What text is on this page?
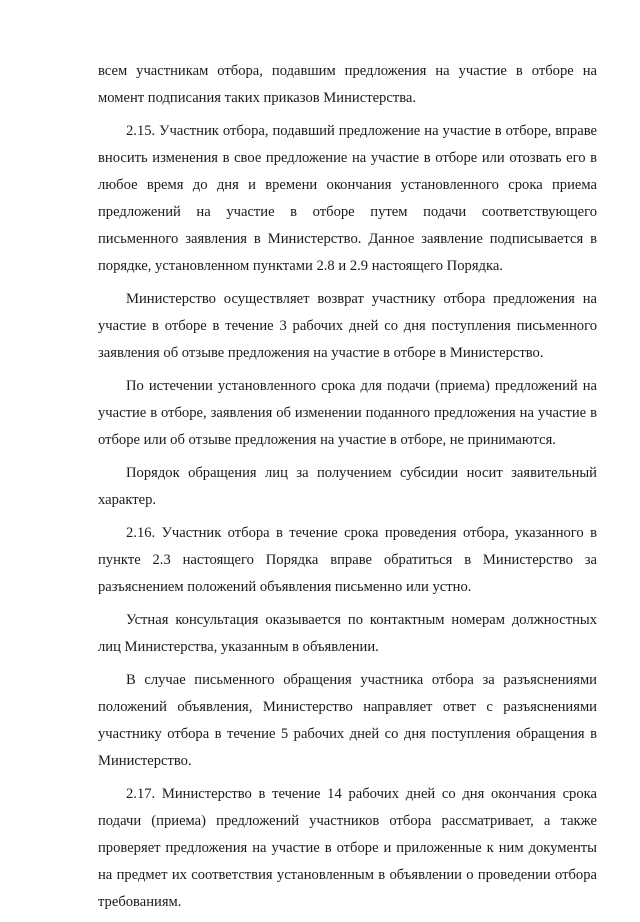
всем участникам отбора, подавшим предложения на участие в отборе на момент подписания таких приказов Министерства.

2.15. Участник отбора, подавший предложение на участие в отборе, вправе вносить изменения в свое предложение на участие в отборе или отозвать его в любое время до дня и времени окончания установленного срока приема предложений на участие в отборе путем подачи соответствующего письменного заявления в Министерство. Данное заявление подписывается в порядке, установленном пунктами 2.8 и 2.9 настоящего Порядка.

Министерство осуществляет возврат участнику отбора предложения на участие в отборе в течение 3 рабочих дней со дня поступления письменного заявления об отзыве предложения на участие в отборе в Министерство.

По истечении установленного срока для подачи (приема) предложений на участие в отборе, заявления об изменении поданного предложения на участие в отборе или об отзыве предложения на участие в отборе, не принимаются.

Порядок обращения лиц за получением субсидии носит заявительный характер.

2.16. Участник отбора в течение срока проведения отбора, указанного в пункте 2.3 настоящего Порядка вправе обратиться в Министерство за разъяснением положений объявления письменно или устно.

Устная консультация оказывается по контактным номерам должностных лиц Министерства, указанным в объявлении.

В случае письменного обращения участника отбора за разъяснениями положений объявления, Министерство направляет ответ с разъяснениями участнику отбора в течение 5 рабочих дней со дня поступления обращения в Министерство.

2.17. Министерство в течение 14 рабочих дней со дня окончания срока подачи (приема) предложений участников отбора рассматривает, а также проверяет предложения на участие в отборе и приложенные к ним документы на предмет их соответствия установленным в объявлении о проведении отбора требованиям.
